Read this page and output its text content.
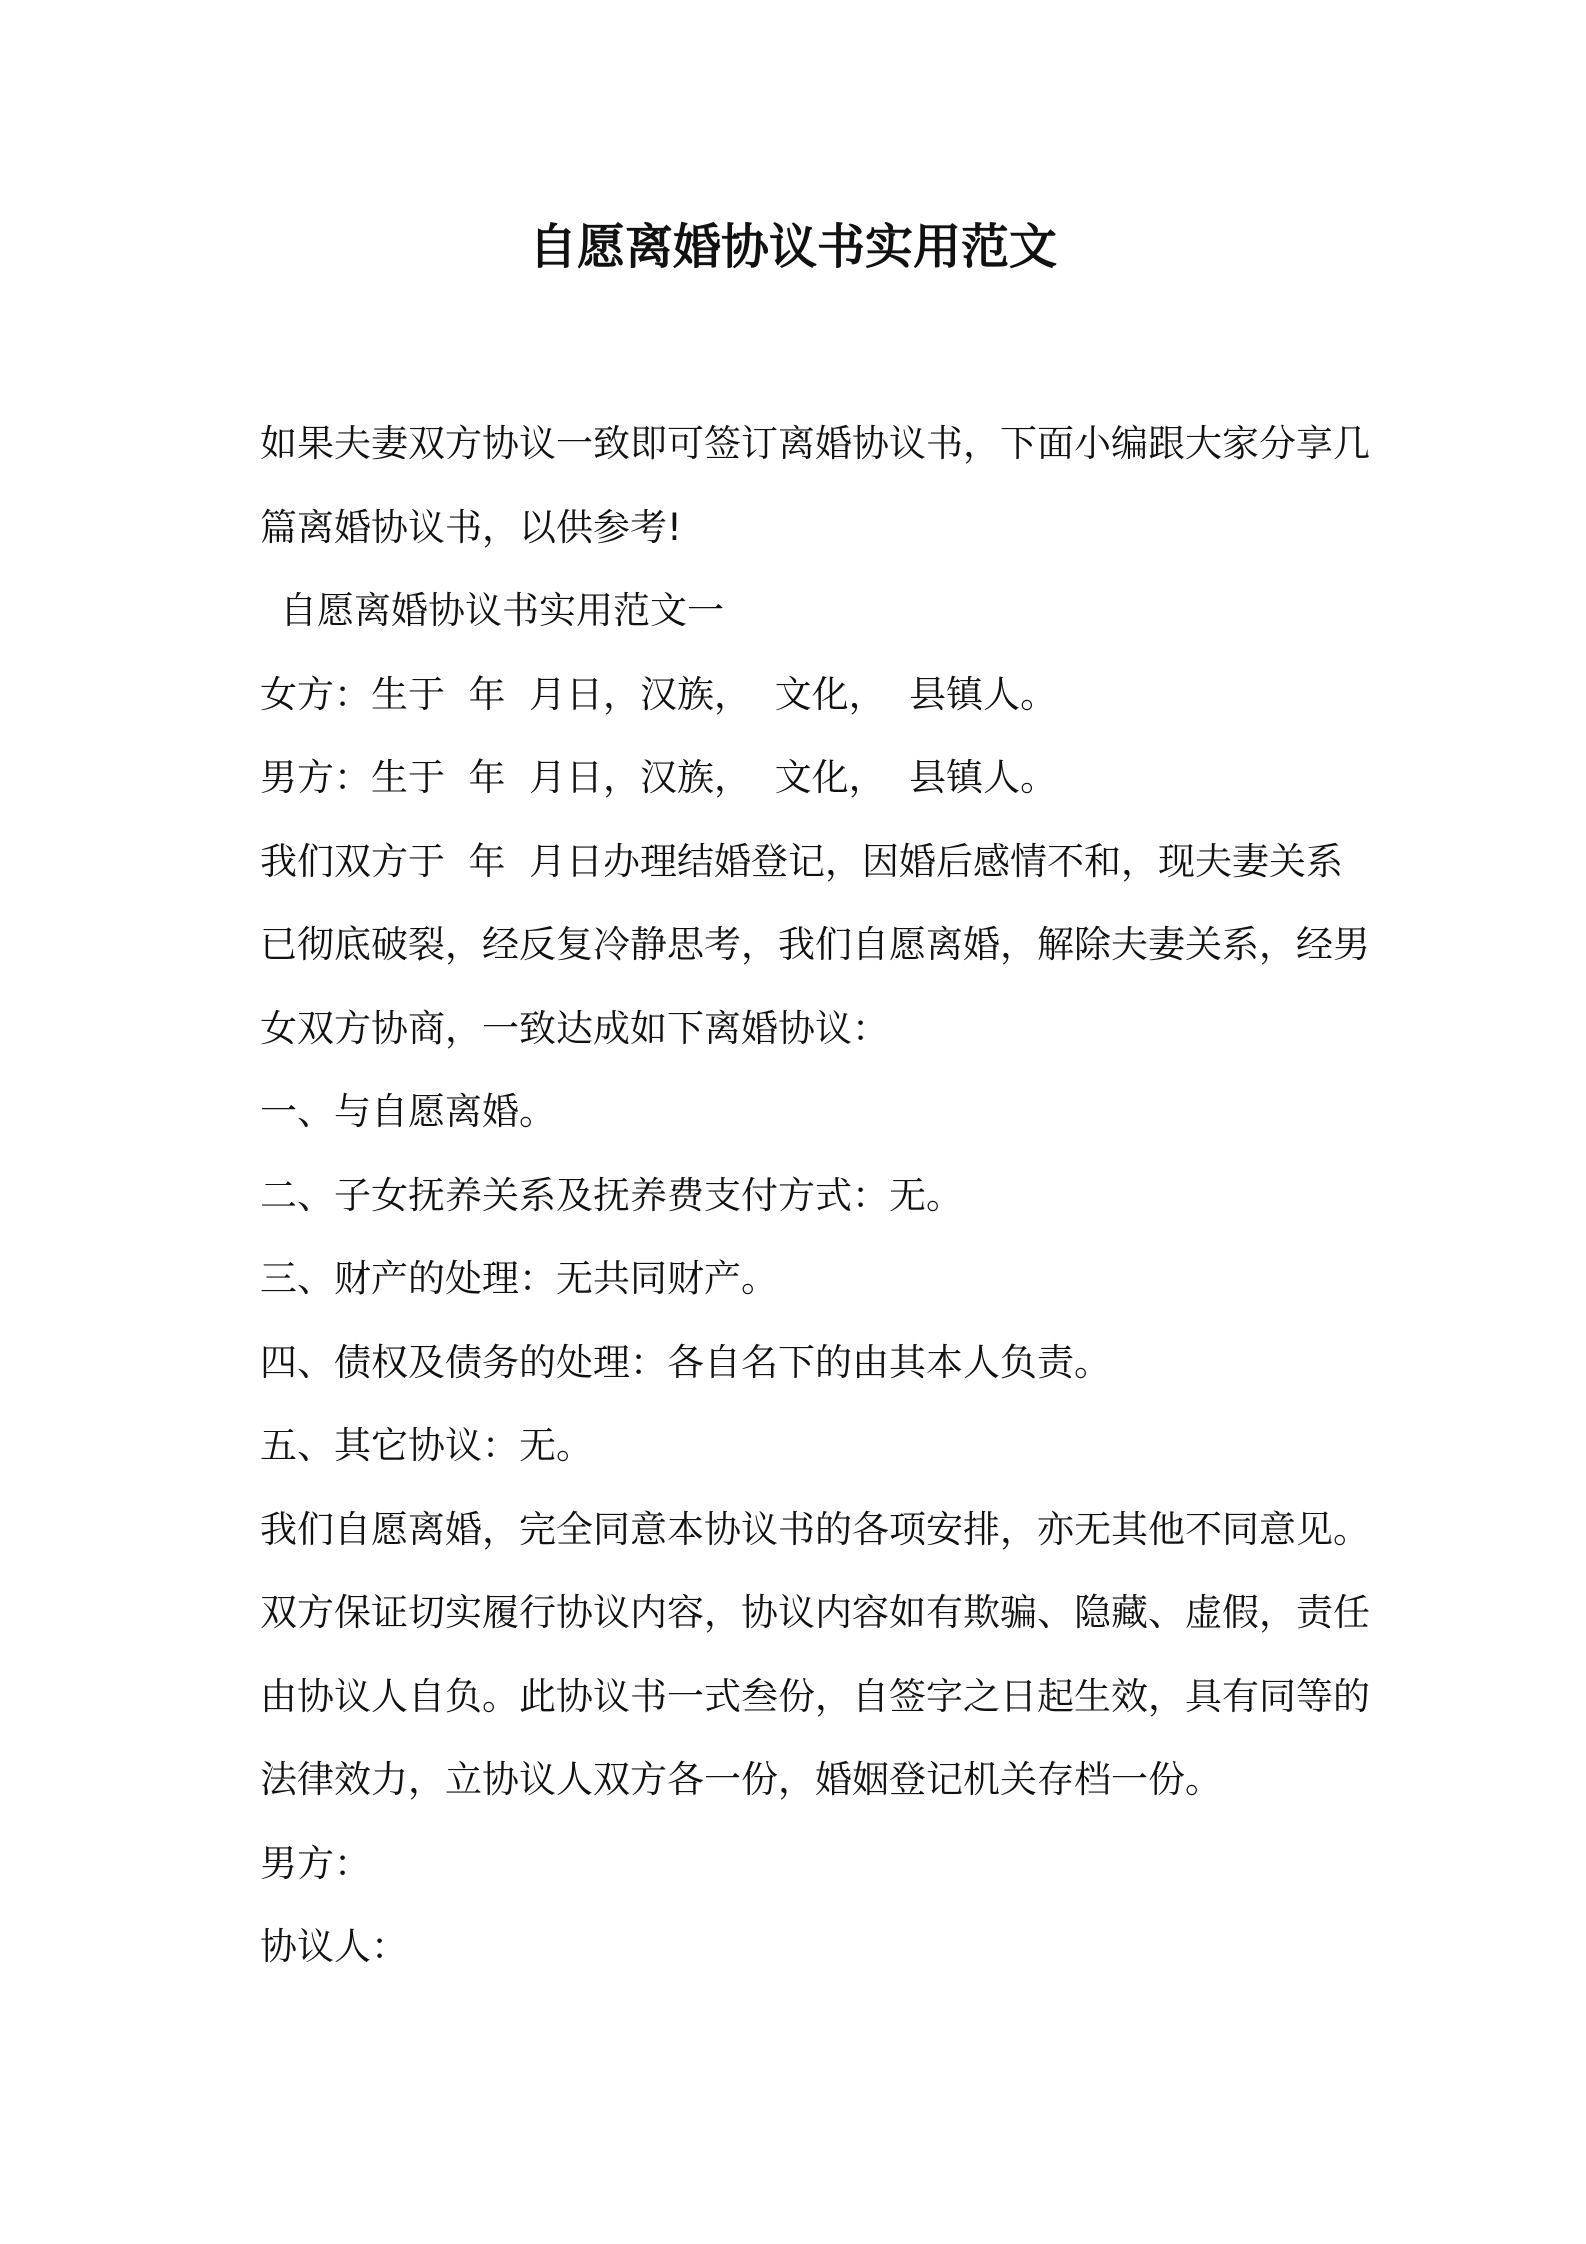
自愿离婚协议书实用范文

如果夫妻双方协议一致即可签订离婚协议书，下面小编跟大家分享几篇离婚协议书，以供参考!

自愿离婚协议书实用范文一

女方：生于  年  月日，汉族，  文化，  县镇人。

男方：生于  年  月日，汉族，  文化，  县镇人。

我们双方于  年  月日办理结婚登记，因婚后感情不和，现夫妻关系已彻底破裂，经反复冷静思考，我们自愿离婚，解除夫妻关系，经男女双方协商，一致达成如下离婚协议：

一、与自愿离婚。

二、子女抚养关系及抚养费支付方式：无。

三、财产的处理：无共同财产。

四、债权及债务的处理：各自名下的由其本人负责。

五、其它协议：无。

我们自愿离婚，完全同意本协议书的各项安排，亦无其他不同意见。双方保证切实履行协议内容，协议内容如有欺骗、隐藏、虚假，责任由协议人自负。此协议书一式叁份，自签字之日起生效，具有同等的法律效力，立协议人双方各一份，婚姻登记机关存档一份。

男方：

协议人：
